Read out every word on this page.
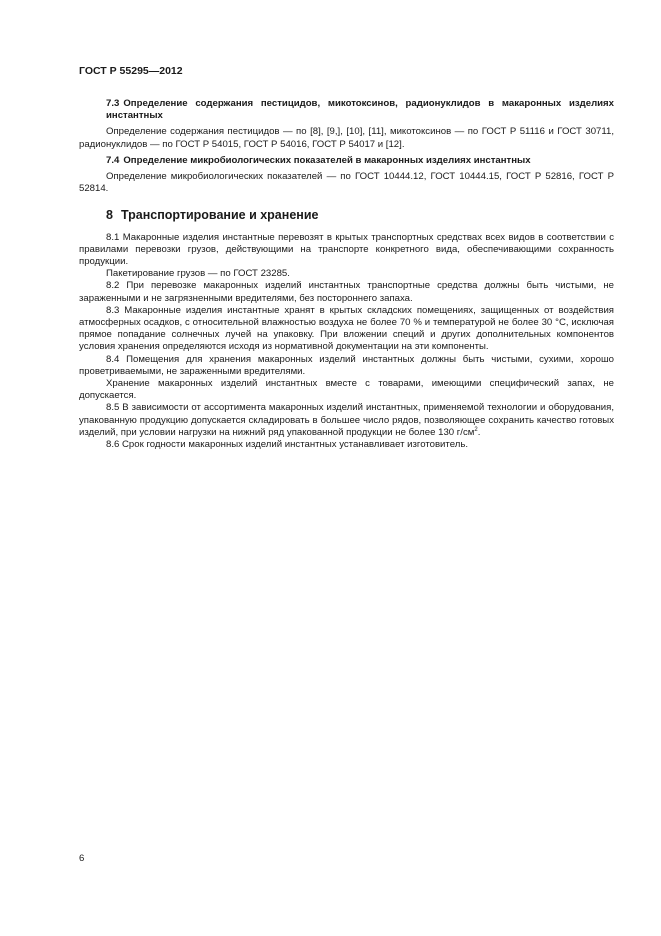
ГОСТ Р 55295—2012

7.3 Определение содержания пестицидов, микотоксинов, радионуклидов в макаронных изделиях инстантных

Определение содержания пестицидов — по [8], [9,], [10], [11], микотоксинов — по ГОСТ Р 51116 и ГОСТ 30711, радионуклидов — по ГОСТ Р 54015, ГОСТ Р 54016, ГОСТ Р 54017 и [12].

7.4 Определение микробиологических показателей в макаронных изделиях инстантных

Определение микробиологических показателей — по ГОСТ 10444.12, ГОСТ 10444.15, ГОСТ Р 52816, ГОСТ Р 52814.

8 Транспортирование и хранение

8.1 Макаронные изделия инстантные перевозят в крытых транспортных средствах всех видов в соответствии с правилами перевозки грузов, действующими на транспорте конкретного вида, обеспечивающими сохранность продукции.

Пакетирование грузов — по ГОСТ 23285.

8.2 При перевозке макаронных изделий инстантных транспортные средства должны быть чистыми, не зараженными и не загрязненными вредителями, без постороннего запаха.

8.3 Макаронные изделия инстантные хранят в крытых складских помещениях, защищенных от воздействия атмосферных осадков, с относительной влажностью воздуха не более 70 % и температурой не более 30 °С, исключая прямое попадание солнечных лучей на упаковку. При вложении специй и других дополнительных компонентов условия хранения определяются исходя из нормативной документации на эти компоненты.

8.4 Помещения для хранения макаронных изделий инстантных должны быть чистыми, сухими, хорошо проветриваемыми, не зараженными вредителями.

Хранение макаронных изделий инстантных вместе с товарами, имеющими специфический запах, не допускается.

8.5 В зависимости от ассортимента макаронных изделий инстантных, применяемой технологии и оборудования, упакованную продукцию допускается складировать в большее число рядов, позволяющее сохранить качество готовых изделий, при условии нагрузки на нижний ряд упакованной продукции не более 130 $г/см^2$.

8.6 Срок годности макаронных изделий инстантных устанавливает изготовитель.

6
